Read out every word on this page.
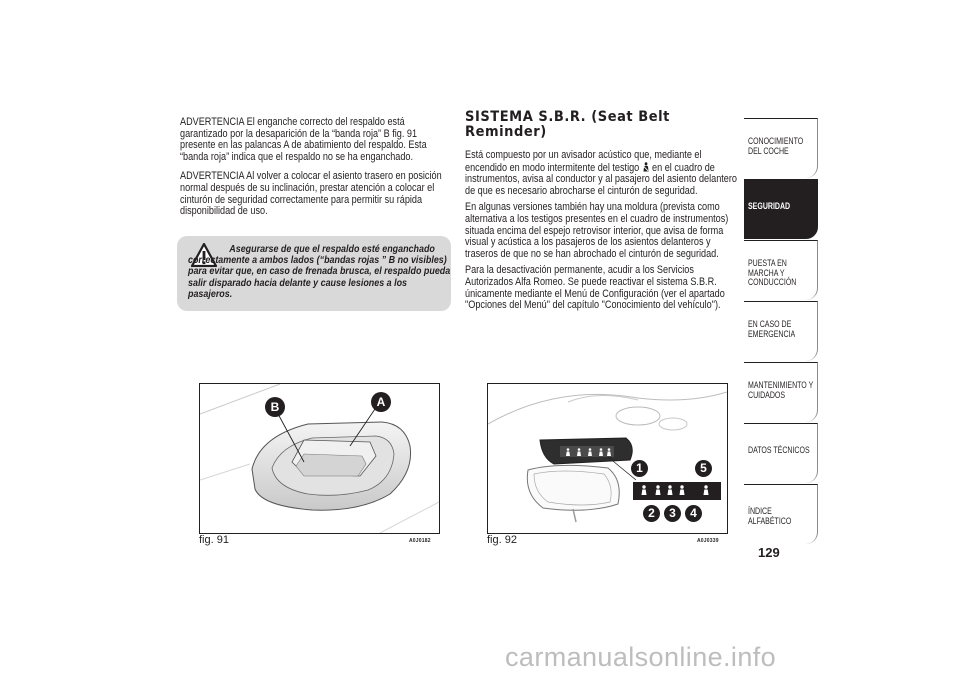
ADVERTENCIA El enganche correcto del respaldo está garantizado por la desaparición de la “banda roja” B fig. 91 presente en las palancas A de abatimiento del respaldo. Esta “banda roja” indica que el respaldo no se ha enganchado.

ADVERTENCIA Al volver a colocar el asiento trasero en posición normal después de su inclinación, prestar atención a colocar el cinturón de seguridad correctamente para permitir su rápida disponibilidad de uso.

Asegurarse de que el respaldo esté enganchado correctamente a ambos lados (“bandas rojas ” B no visibles) para evitar que, en caso de frenada brusca, el respaldo pueda salir disparado hacia delante y cause lesiones a los pasajeros.

SISTEMA S.B.R. (Seat Belt Reminder)

Está compuesto por un avisador acústico que, mediante el encendido en modo intermitente del testigo en el cuadro de instrumentos, avisa al conductor y al pasajero del asiento delantero de que es necesario abrocharse el cinturón de seguridad.

En algunas versiones también hay una moldura (prevista como alternativa a los testigos presentes en el cuadro de instrumentos) situada encima del espejo retrovisor interior, que avisa de forma visual y acústica a los pasajeros de los asientos delanteros y traseros de que no se han abrochado el cinturón de seguridad.

Para la desactivación permanente, acudir a los Servicios Autorizados Alfa Romeo. Se puede reactivar el sistema S.B.R. únicamente mediante el Menú de Configuración (ver el apartado "Opciones del Menú" del capítulo "Conocimiento del vehículo").

B	A
fig. 91	A0J0182
1	5
2	3	4
fig. 92	A0J0339
CONOCIMIENTO DEL COCHE
SEGURIDAD
PUESTA EN MARCHA Y CONDUCCIÓN
EN CASO DE EMERGENCIA
MANTENIMIENTO Y CUIDADOS
DATOS TÉCNICOS
ÍNDICE ALFABÉTICO
129
carmanualsonline.info
